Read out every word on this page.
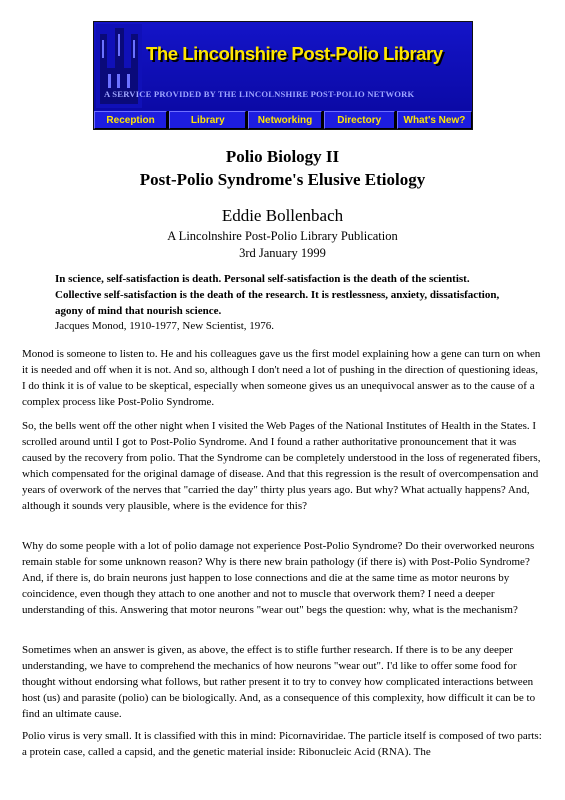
The Lincolnshire Post-Polio Library
A SERVICE PROVIDED BY THE LINCOLNSHIRE POST-POLIO NETWORK
Reception	Library	Networking	Directory	What's New?
Polio Biology II
Post-Polio Syndrome's Elusive Etiology
Eddie Bollenbach
A Lincolnshire Post-Polio Library Publication
3rd January 1999
In science, self-satisfaction is death. Personal self-satisfaction is the death of the scientist. Collective self-satisfaction is the death of the research. It is restlessness, anxiety, dissatisfaction, agony of mind that nourish science.
Jacques Monod, 1910-1977, New Scientist, 1976.
Monod is someone to listen to. He and his colleagues gave us the first model explaining how a gene can turn on when it is needed and off when it is not. And so, although I don't need a lot of pushing in the direction of questioning ideas, I do think it is of value to be skeptical, especially when someone gives us an unequivocal answer as to the cause of a complex process like Post-Polio Syndrome.
So, the bells went off the other night when I visited the Web Pages of the National Institutes of Health in the States. I scrolled around until I got to Post-Polio Syndrome. And I found a rather authoritative pronouncement that it was caused by the recovery from polio. That the Syndrome can be completely understood in the loss of regenerated fibers, which compensated for the original damage of disease. And that this regression is the result of overcompensation and years of overwork of the nerves that "carried the day" thirty plus years ago. But why? What actually happens? And, although it sounds very plausible, where is the evidence for this?
Why do some people with a lot of polio damage not experience Post-Polio Syndrome? Do their overworked neurons remain stable for some unknown reason? Why is there new brain pathology (if there is) with Post-Polio Syndrome? And, if there is, do brain neurons just happen to lose connections and die at the same time as motor neurons by coincidence, even though they attach to one another and not to muscle that overwork them? I need a deeper understanding of this. Answering that motor neurons "wear out" begs the question: why, what is the mechanism?
Sometimes when an answer is given, as above, the effect is to stifle further research. If there is to be any deeper understanding, we have to comprehend the mechanics of how neurons "wear out". I'd like to offer some food for thought without endorsing what follows, but rather present it to try to convey how complicated interactions between host (us) and parasite (polio) can be biologically. And, as a consequence of this complexity, how difficult it can be to find an ultimate cause.
Polio virus is very small. It is classified with this in mind: Picornaviridae. The particle itself is composed of two parts: a protein case, called a capsid, and the genetic material inside: Ribonucleic Acid (RNA). The
